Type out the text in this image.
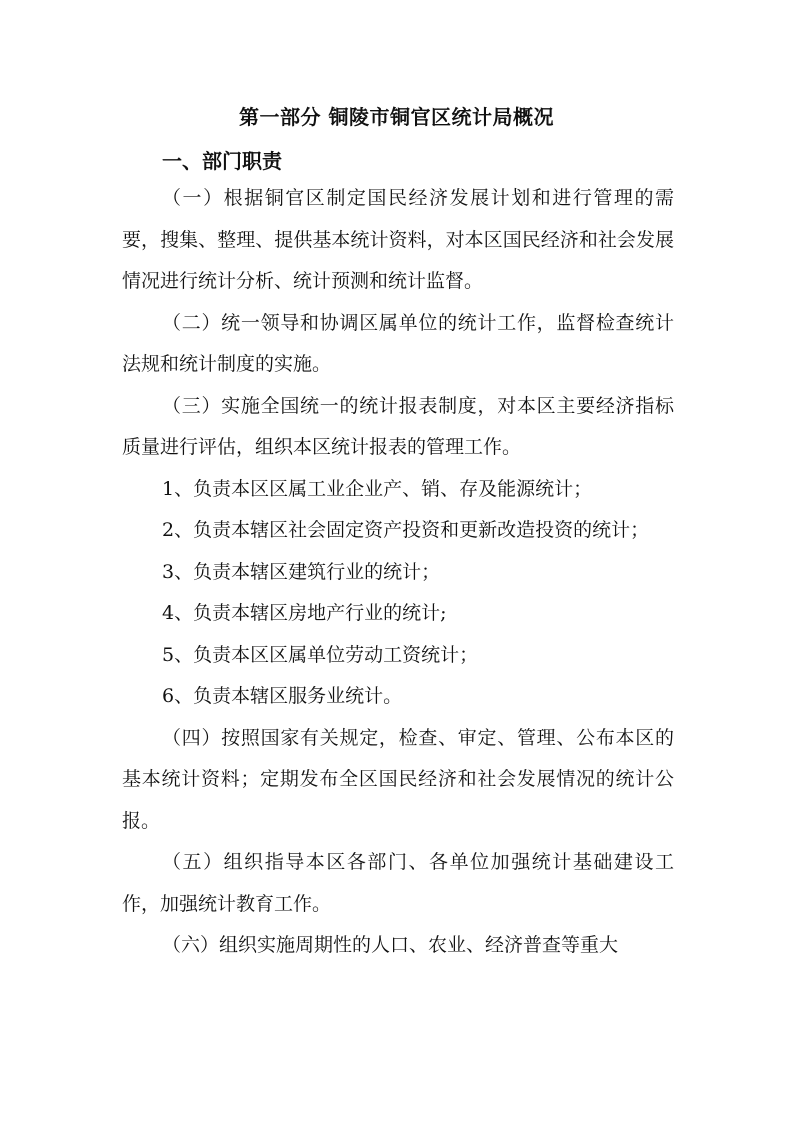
第一部分 铜陵市铜官区统计局概况
一、部门职责

（一）根据铜官区制定国民经济发展计划和进行管理的需要，搜集、整理、提供基本统计资料，对本区国民经济和社会发展情况进行统计分析、统计预测和统计监督。

（二）统一领导和协调区属单位的统计工作，监督检查统计法规和统计制度的实施。

（三）实施全国统一的统计报表制度，对本区主要经济指标质量进行评估，组织本区统计报表的管理工作。

1、负责本区区属工业企业产、销、存及能源统计；

2、负责本辖区社会固定资产投资和更新改造投资的统计；

3、负责本辖区建筑行业的统计；

4、负责本辖区房地产行业的统计;

5、负责本区区属单位劳动工资统计；

6、负责本辖区服务业统计。

（四）按照国家有关规定，检查、审定、管理、公布本区的基本统计资料；定期发布全区国民经济和社会发展情况的统计公报。

（五）组织指导本区各部门、各单位加强统计基础建设工作，加强统计教育工作。

（六）组织实施周期性的人口、农业、经济普查等重大
